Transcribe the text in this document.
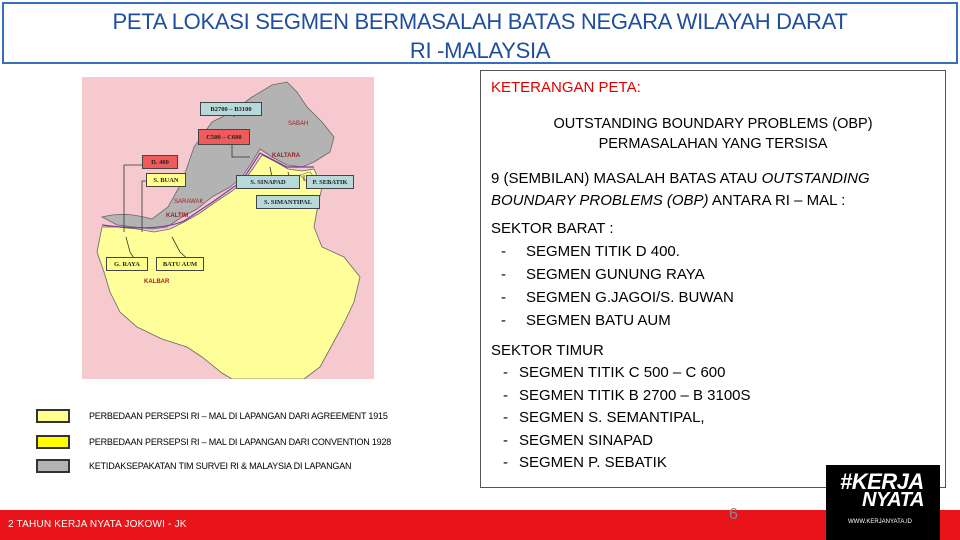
PETA LOKASI SEGMEN BERMASALAH BATAS NEGARA WILAYAH DARAT
RI -MALAYSIA
B2700 – B3100
C500 – C600
D. 400
S. BUAN	S. SINAPAD	P. SEBATIK
S. SIMANTIPAL
G. RAYA	BATU AUM
SABAH
KALTARA
SARAWAK
KALTIM
KALBAR
PERBEDAAN PERSEPSI RI – MAL DI LAPANGAN DARI AGREEMENT 1915
PERBEDAAN PERSEPSI RI – MAL DI LAPANGAN DARI CONVENTION 1928
KETIDAKSEPAKATAN TIM SURVEI RI & MALAYSIA DI LAPANGAN
KETERANGAN PETA:
OUTSTANDING BOUNDARY PROBLEMS (OBP)
PERMASALAHAN YANG TERSISA
9 (SEMBILAN) MASALAH BATAS ATAU OUTSTANDING
BOUNDARY PROBLEMS (OBP) ANTARA RI – MAL :
SEKTOR BARAT :
- SEGMEN TITIK D 400.
- SEGMEN GUNUNG RAYA
- SEGMEN G.JAGOI/S. BUWAN
- SEGMEN BATU AUM
SEKTOR TIMUR
- SEGMEN TITIK C 500 – C 600
- SEGMEN TITIK B 2700 – B 3100S
- SEGMEN S. SEMANTIPAL,
- SEGMEN SINAPAD
- SEGMEN P. SEBATIK
2 TAHUN KERJA NYATA JOKOWI - JK
6
#KERJA
NYATA
WWW.KERJANYATA.ID
